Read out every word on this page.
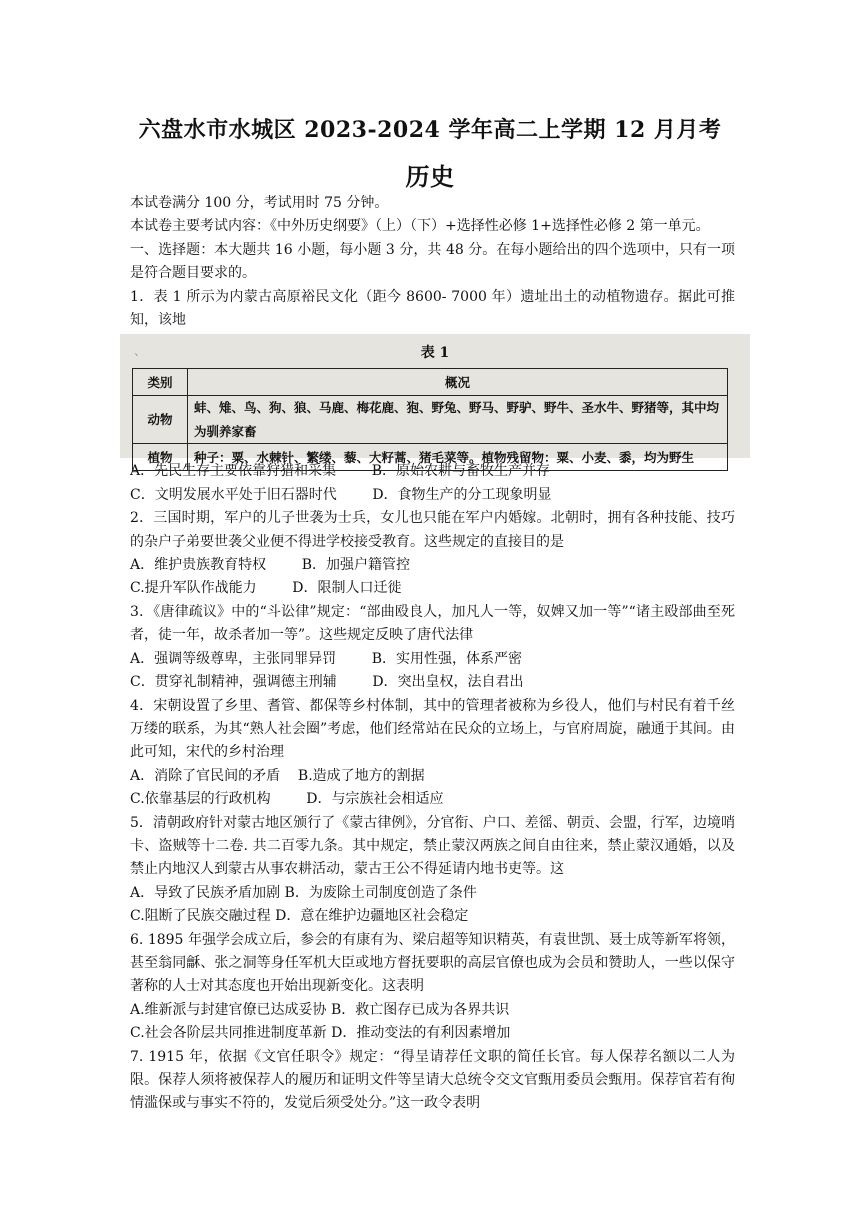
六盘水市水城区 2023-2024 学年高二上学期 12 月月考
历史

本试卷满分 100 分，考试用时 75 分钟。

本试卷主要考试内容：《中外历史纲要》（上）（下）+选择性必修 1+选择性必修 2 第一单元。

一、选择题：本大题共 16 小题，每小题 3 分，共 48 分。在每小题给出的四个选项中，只有一项是符合题目要求的。

1．表 1 所示为内蒙古高原裕民文化（距今 8600- 7000 年）遗址出土的动植物遗存。据此可推知，该地

、	表 1
类别	概况
动物	蚌、雉、鸟、狗、狼、马鹿、梅花鹿、狍、野兔、野马、野驴、野牛、圣水牛、野猪等，其中均为驯养家畜
植物	种子：粟、水棘针、繁缕、藜、大籽蒿、猪毛菜等。植物残留物：粟、小麦、黍，均为野生

A．先民生存主要依靠狩猎和采集        B．原始农耕与畜牧生产并存

C．文明发展水平处于旧石器时代        D．食物生产的分工现象明显

2．三国时期，军户的儿子世袭为士兵，女儿也只能在军户内婚嫁。北朝时，拥有各种技能、技巧的杂户子弟要世袭父业便不得进学校接受教育。这些规定的直接目的是

A．维护贵族教育特权        B．加强户籍管控

C.提升军队作战能力        D．限制人口迁徙

3．《唐律疏议》中的“斗讼律”规定：“部曲殴良人，加凡人一等，奴婢又加一等”“诸主殴部曲至死者，徒一年，故杀者加一等”。这些规定反映了唐代法律

A．强调等级尊卑，主张同罪异罚        B．实用性强，体系严密

C．贯穿礼制精神，强调德主刑辅        D．突出皇权，法自君出

4．宋朝设置了乡里、耆管、都保等乡村体制，其中的管理者被称为乡役人，他们与村民有着千丝万缕的联系，为其“熟人社会圈”考虑，他们经常站在民众的立场上，与官府周旋，融通于其间。由此可知，宋代的乡村治理

A．消除了官民间的矛盾    B.造成了地方的割据

C.依靠基层的行政机构        D．与宗族社会相适应

5．清朝政府针对蒙古地区颁行了《蒙古律例》，分官衔、户口、差徭、朝贡、会盟，行军，边境哨卡、盗贼等十二卷. 共二百零九条。其中规定，禁止蒙汉两族之间自由往来，禁止蒙汉通婚，以及禁止内地汉人到蒙古从事农耕活动，蒙古王公不得延请内地书吏等。这

A．导致了民族矛盾加剧 B．为废除土司制度创造了条件

C.阻断了民族交融过程 D．意在维护边疆地区社会稳定

6. 1895 年强学会成立后，参会的有康有为、梁启超等知识精英，有袁世凯、聂士成等新军将领，甚至翁同龢、张之洞等身任军机大臣或地方督抚要职的高层官僚也成为会员和赞助人，一些以保守著称的人士对其态度也开始出现新变化。这表明

A.维新派与封建官僚已达成妥协 B．救亡图存已成为各界共识

C.社会各阶层共同推进制度革新 D．推动变法的有利因素增加

7. 1915 年，依据《文官任职令》规定：“得呈请荐任文职的简任长官。每人保荐名额以二人为限。保荐人须将被保荐人的履历和证明文件等呈请大总统令交文官甄用委员会甄用。保荐官若有徇情滥保或与事实不符的，发觉后须受处分。”这一政令表明
